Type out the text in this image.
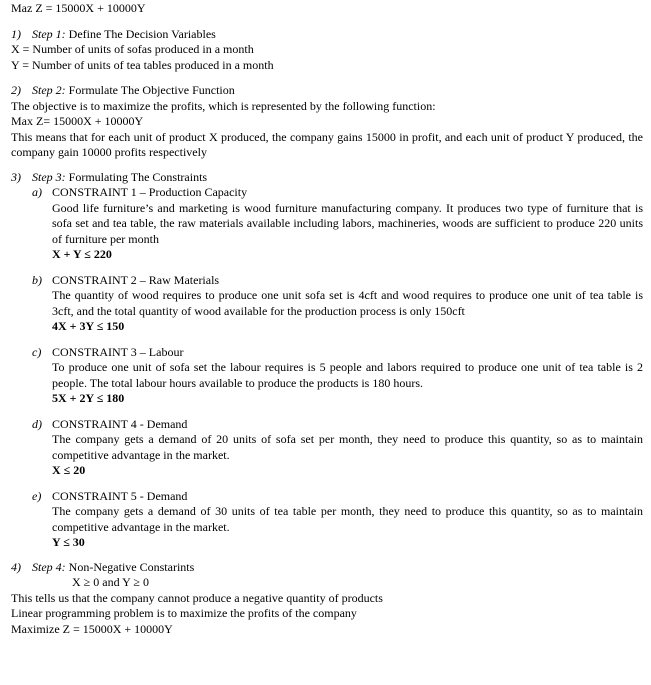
Maz Z = 15000X + 10000Y

1) Step 1: Define The Decision Variables

X = Number of units of sofas produced in a month

Y = Number of units of tea tables produced in a month

2) Step 2: Formulate The Objective Function

The objective is to maximize the profits, which is represented by the following function:

Max Z= 15000X + 10000Y

This means that for each unit of product X produced, the company gains 15000 in profit, and each unit of product Y produced, the company gain 10000 profits respectively

3) Step 3: Formulating The Constraints

a) CONSTRAINT 1 – Production Capacity

Good life furniture’s and marketing is wood furniture manufacturing company. It produces two type of furniture that is sofa set and tea table, the raw materials available including labors, machineries, woods are sufficient to produce 220 units of furniture per month

X + Y ≤ 220

b) CONSTRAINT 2 – Raw Materials

The quantity of wood requires to produce one unit sofa set is 4cft and wood requires to produce one unit of tea table is 3cft, and the total quantity of wood available for the production process is only 150cft

4X + 3Y ≤ 150

c) CONSTRAINT 3 – Labour

To produce one unit of sofa set the labour requires is 5 people and labors required to produce one unit of tea table is 2 people. The total labour hours available to produce the products is 180 hours.

5X + 2Y ≤ 180

d) CONSTRAINT 4 - Demand

The company gets a demand of 20 units of sofa set per month, they need to produce this quantity, so as to maintain competitive advantage in the market.

X ≤ 20

e) CONSTRAINT 5 - Demand

The company gets a demand of 30 units of tea table per month, they need to produce this quantity, so as to maintain competitive advantage in the market.

Y ≤ 30

4) Step 4: Non-Negative Constarints

X ≥ 0 and Y ≥ 0

This tells us that the company cannot produce a negative quantity of products

Linear programming problem is to maximize the profits of the company

Maximize Z = 15000X + 10000Y
